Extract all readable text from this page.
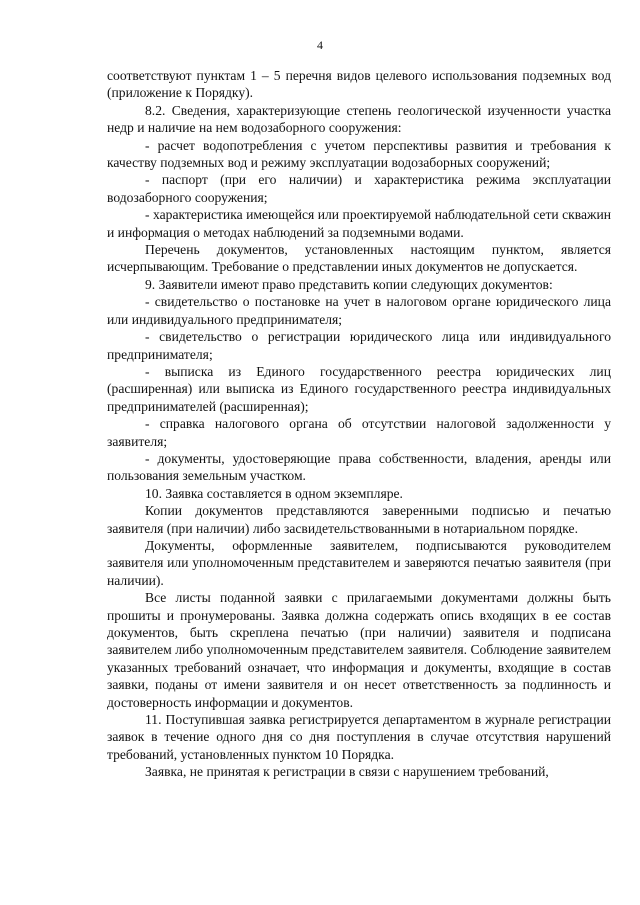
4

соответствуют пунктам 1 – 5 перечня видов целевого использования подземных вод (приложение к Порядку).

8.2. Сведения, характеризующие степень геологической изученности участка недр и наличие на нем водозаборного сооружения:

- расчет водопотребления с учетом перспективы развития и требования к качеству подземных вод и режиму эксплуатации водозаборных сооружений;

- паспорт (при его наличии) и характеристика режима эксплуатации водозаборного сооружения;

- характеристика имеющейся или проектируемой наблюдательной сети скважин и информация о методах наблюдений за подземными водами.

Перечень документов, установленных настоящим пунктом, является исчерпывающим. Требование о представлении иных документов не допускается.

9. Заявители имеют право представить копии следующих документов:

- свидетельство о постановке на учет в налоговом органе юридического лица или индивидуального предпринимателя;

- свидетельство о регистрации юридического лица или индивидуального предпринимателя;

- выписка из Единого государственного реестра юридических лиц (расширенная) или выписка из Единого государственного реестра индивидуальных предпринимателей (расширенная);

- справка налогового органа об отсутствии налоговой задолженности у заявителя;

- документы, удостоверяющие права собственности, владения, аренды или пользования земельным участком.

10. Заявка составляется в одном экземпляре.

Копии документов представляются заверенными подписью и печатью заявителя (при наличии) либо засвидетельствованными в нотариальном порядке.

Документы, оформленные заявителем, подписываются руководителем заявителя или уполномоченным представителем и заверяются печатью заявителя (при наличии).

Все листы поданной заявки с прилагаемыми документами должны быть прошиты и пронумерованы. Заявка должна содержать опись входящих в ее состав документов, быть скреплена печатью (при наличии) заявителя и подписана заявителем либо уполномоченным представителем заявителя. Соблюдение заявителем указанных требований означает, что информация и документы, входящие в состав заявки, поданы от имени заявителя и он несет ответственность за подлинность и достоверность информации и документов.

11. Поступившая заявка регистрируется департаментом в журнале регистрации заявок в течение одного дня со дня поступления в случае отсутствия нарушений требований, установленных пунктом 10 Порядка.

Заявка, не принятая к регистрации в связи с нарушением требований,
